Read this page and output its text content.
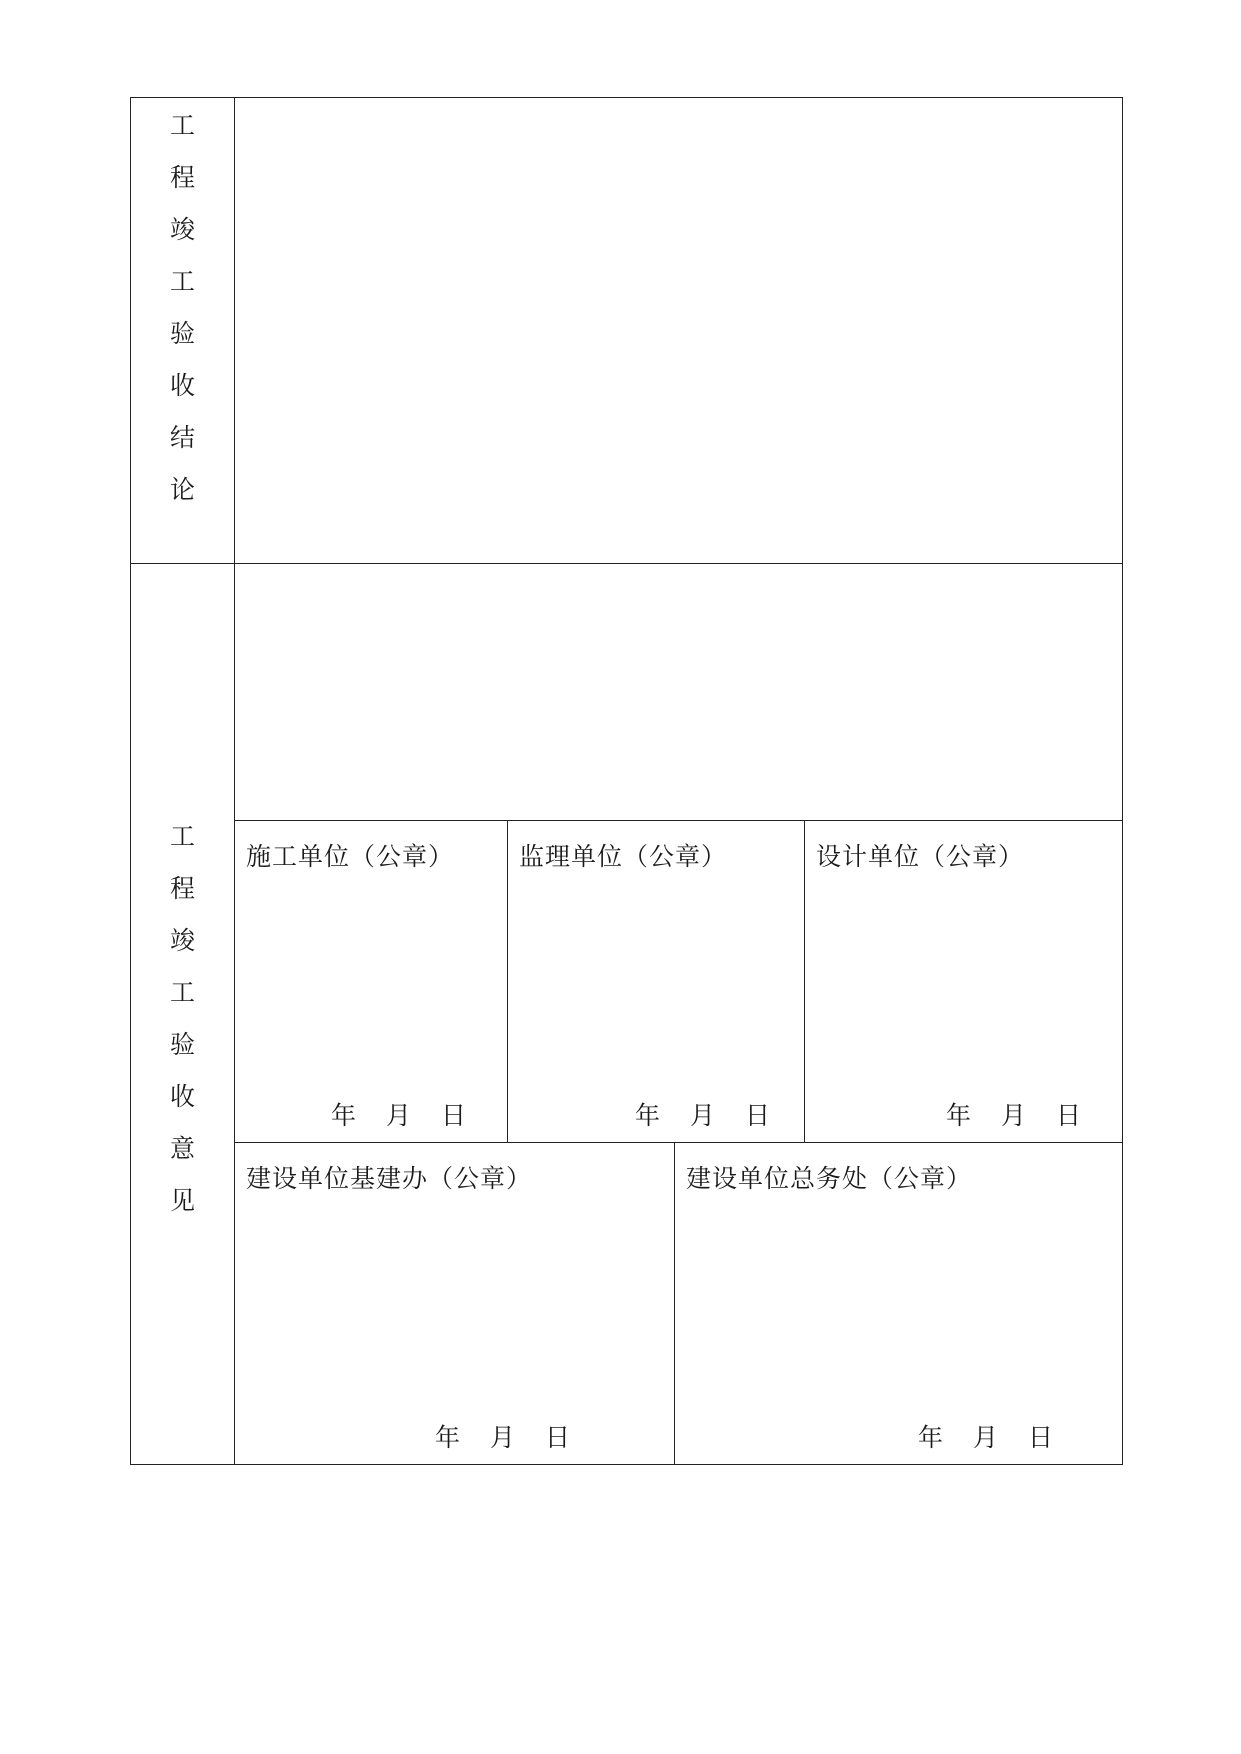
工
程
竣
工
验
收
结
论
工
程
竣
工
验
收
意
见
施工单位（公章）
年 月 日
监理单位（公章）
年 月 日
设计单位（公章）
年 月 日
建设单位基建办（公章）
年 月 日
建设单位总务处（公章）
年 月 日
